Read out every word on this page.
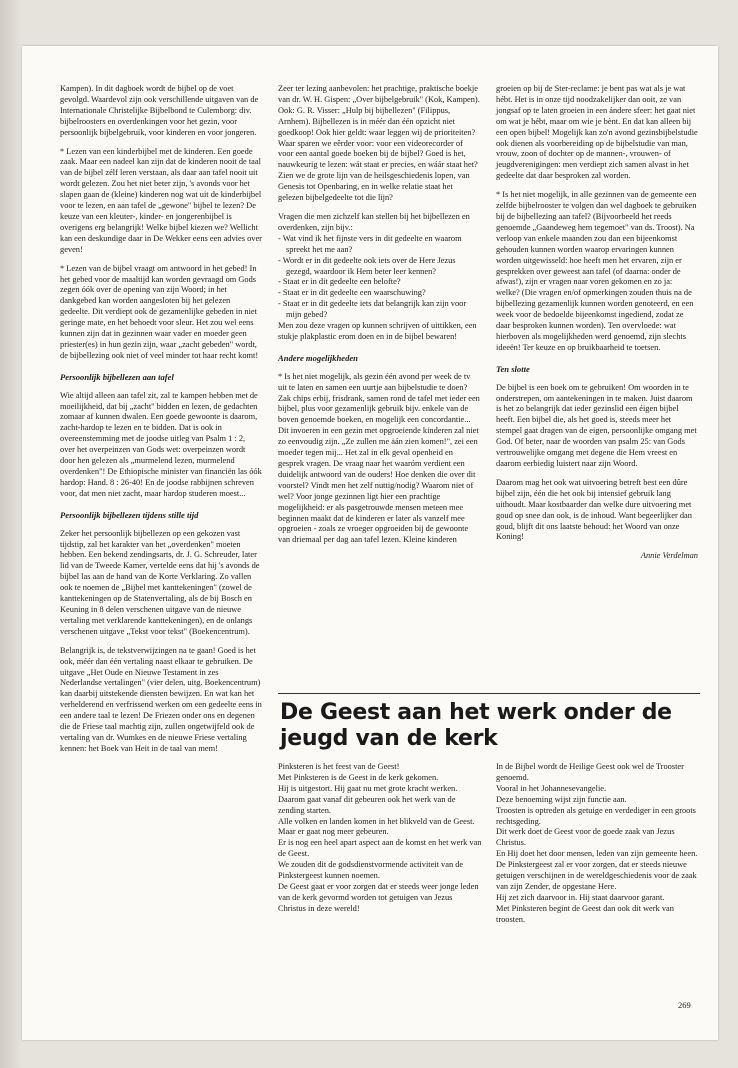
Kampen). In dit dagboek wordt de bijbel op de voet gevolgd. Waardevol zijn ook verschillende uitgaven van de Internationale Christelijke Bijbelbond te Culemborg: div. bijbelroosters en overdenkingen voor het gezin, voor persoonlijk bijbelgebruik, voor kinderen en voor jongeren.

* Lezen van een kinderbijbel met de kinderen. Een goede zaak. Maar een nadeel kan zijn dat de kinderen nooit de taal van de bijbel zélf leren verstaan, als daar aan tafel nooit uit wordt gelezen. Zou het niet beter zijn, 's avonds voor het slapen gaan de (kleine) kinderen nog wat uit de kinderbijbel voor te lezen, en aan tafel de „gewone" bijbel te lezen? De keuze van een kleuter-, kinder- en jongerenbijbel is overigens erg belangrijk! Welke bijbel kiezen we? Wellicht kan een deskundige daar in De Wekker eens een advies over geven!

* Lezen van de bijbel vraagt om antwoord in het gebed! In het gebed voor de maaltijd kan worden gevraagd om Gods zegen óók over de opening van zijn Woord; in het dankgebed kan worden aangesloten bij het gelezen gedeelte. Dit verdiept ook de gezamenlijke gebeden in niet geringe mate, en het behoedt voor sleur. Het zou wel eens kunnen zijn dat in gezinnen waar vader en moeder geen priester(es) in hun gezin zijn, waar „zacht gebeden" wordt, de bijbellezing ook niet of veel minder tot haar recht komt!

Persoonlijk bijbellezen aan tafel

Wie altijd alleen aan tafel zit, zal te kampen hebben met de moeilijkheid, dat bij „zacht" bidden en lezen, de gedachten zomaar af kunnen dwalen. Een goede gewoonte is daarom, zacht-hardop te lezen en te bidden. Dat is ook in overeenstemming met de joodse uitleg van Psalm 1 : 2, over het overpeinzen van Gods wet: overpeinzen wordt door hen gelezen als „murmelend lezen, murmelend overdenken"! De Ethiopische minister van financiën las óók hardop: Hand. 8 : 26-40! En de joodse rabbijnen schreven voor, dat men niet zacht, maar hardop studeren moest...

Persoonlijk bijbellezen tijdens stille tijd

Zeker het persoonlijk bijbellezen op een gekozen vast tijdstip, zal het karakter van het „overdenken" moeten hebben. Een bekend zendingsarts, dr. J. G. Schreuder, later lid van de Tweede Kamer, vertelde eens dat hij 's avonds de bijbel las aan de hand van de Korte Verklaring. Zo vallen ook te noemen de „Bijbel met kanttekeningen" (zowel de kanttekeningen op de Statenvertaling, als de bij Bosch en Keuning in 8 delen verschenen uitgave van de nieuwe vertaling met verklarende kanttekeningen), en de onlangs verschenen uitgave „Tekst voor tekst" (Boekencentrum).

Belangrijk is, de tekstverwijzingen na te gaan! Goed is het ook, méér dan één vertaling naast elkaar te gebruiken. De uitgave „Het Oude en Nieuwe Testament in zes Nederlandse vertalingen" (vier delen, uitg. Boekencentrum) kan daarbij uitstekende diensten bewijzen. En wat kan het verhelderend en verfrissend werken om een gedeelte eens in een andere taal te lezen! De Friezen onder ons en degenen die de Friese taal machtig zijn, zullen ongetwijfeld ook de vertaling van dr. Wumkes en de nieuwe Friese vertaling kennen: het Boek van Heit in de taal van mem!

Zeer ter lezing aanbevolen: het prachtige, praktische boekje van dr. W. H. Gispen: „Over bijbelgebruik" (Kok, Kampen). Ook: G. R. Visser: „Hulp bij bijbellezen" (Filippus, Arnhem). Bijbellezen is in méér dan één opzicht niet goedkoop! Ook hier geldt: waar leggen wij de prioriteiten? Waar sparen we eêrder voor: voor een videorecorder of voor een aantal goede boeken bij de bijbel? Goed is het, nauwkeurig te lezen: wát staat er precies, en wáár staat het? Zien we de grote lijn van de heilsgeschiedenis lopen, van Genesis tot Openbaring, en in welke relatie staat het gelezen bijbelgedeelte tot die lijn?

Vragen die men zichzelf kan stellen bij het bijbellezen en overdenken, zijn bijv.:

- Wat vind ik het fijnste vers in dit gedeelte en waarom spreekt het me aan?
- Wordt er in dit gedeelte ook iets over de Here Jezus gezegd, waardoor ik Hem beter leer kennen?
- Staat er in dit gedeelte een belofte?
- Staat er in dit gedeelte een waarschuwing?
- Staat er in dit gedeelte iets dat belangrijk kan zijn voor mijn gebed?

Men zou deze vragen op kunnen schrijven of uittikken, een stukje plakplastic erom doen en in de bijbel bewaren!

Andere mogelijkheden

* Is het niet mogelijk, als gezin één avond per week de tv uit te laten en samen een uurtje aan bijbelstudie te doen? Zak chips erbij, frisdrank, samen rond de tafel met ieder een bijbel, plus voor gezamenlijk gebruik bijv. enkele van de boven genoemde boeken, en mogelijk een concordantie... Dit invoeren in een gezin met opgroeiende kinderen zal niet zo eenvoudig zijn. „Ze zullen me ȧán zien komen!", zei een moeder tegen mij... Het zal in elk geval openheid en gesprek vragen. De vraag naar het waaróm verdient een duidelijk antwoord van de ouders! Hoe denken die over dit voorstel? Vindt men het zelf nuttig/nodig? Waarom niet of wel? Voor jonge gezinnen ligt hier een prachtige mogelijkheid: er als pasgetrouwde mensen meteen mee beginnen maakt dat de kinderen er later als vanzelf mee opgroeien - zoals ze vroeger opgroeiden bij de gewoonte van driemaal per dag aan tafel lezen. Kleine kinderen

groeien op bij de Ster-reclame: je bent pas wat als je wat hébt. Het is in onze tijd noodzakelijker dan ooit, ze van jongsaf op te laten groeien in een ándere sfeer: het gaat niet om wat je hébt, maar om wie je bènt. En dat kan alleen bij een open bijbel! Mogelijk kan zo'n avond gezinsbijbelstudie ook dienen als voorbereiding op de bijbelstudie van man, vrouw, zoon of dochter op de mannen-, vrouwen- of jeugdverenigingen: men verdiept zich samen alvast in het gedeelte dat daar besproken zal worden.

* Is het niet mogelijk, in alle gezinnen van de gemeente een zelfde bijbelrooster te volgen dan wel dagboek te gebruiken bij de bijbellezing aan tafel? (Bijvoorbeeld het reeds genoemde „Gaandeweg hem tegemoet" van ds. Troost). Na verloop van enkele maanden zou dan een bijeenkomst gehouden kunnen worden waarop ervaringen kunnen worden uitgewisseld: hoe heeft men het ervaren, zijn er gesprekken over geweest aan tafel (of daarna: onder de afwas!), zijn er vragen naar voren gekomen en zo ja: welke? (Die vragen en/of opmerkingen zouden thuis na de bijbellezing gezamenlijk kunnen worden genoteerd, en een week voor de bedoelde bijeenkomst ingediend, zodat ze daar besproken kunnen worden). Ten overvloede: wat hierboven als mogelijkheden werd genoemd, zijn slechts ideeën! Ter keuze en op bruikbaarheid te toetsen.

Ten slotte

De bijbel is een boek om te gebruiken! Om woorden in te onderstrepen, om aantekeningen in te maken. Juist daarom is het zo belangrijk dat ieder gezinslid een éigen bijbel heeft. Een bijbel die, als het goed is, steeds meer het stempel gaat dragen van de eigen, persoonlijke omgang met God. Of beter, naar de woorden van psalm 25: van Gods vertrouwelijke omgang met degene die Hem vreest en daarom eerbiedig luistert naar zijn Woord.

Daarom mag het ook wat uitvoering betreft best een dûre bijbel zijn, één die het ook bij intensief gebruik lang uithoudt. Maar kostbaarder dan welke dure uitvoering met goud op snee dan ook, is de inhoud. Want begeerlijker dan goud, blijft dit ons laatste behoud: het Woord van onze Koning!

Annie Verdelman
De Geest aan het werk onder de jeugd van de kerk
Pinksteren is het feest van de Geest!
Met Pinksteren is de Geest in de kerk gekomen.
Hij is uitgestort. Hij gaat nu met grote kracht werken.
Daarom gaat vanaf dit gebeuren ook het werk van de zending starten.
Alle volken en landen komen in het blikveld van de Geest.
Maar er gaat nog meer gebeuren.
Er is nog een heel apart aspect aan de komst en het werk van de Geest.
We zouden dit de godsdienstvormende activiteit van de Pinkstergeest kunnen noemen.
De Geest gaat er voor zorgen dat er steeds weer jonge leden van de kerk gevormd worden tot getuigen van Jezus Christus in deze wereld!
In de Bijbel wordt de Heilige Geest ook wel de Trooster genoemd.
Vooral in het Johannesevangelie.
Deze benoeming wijst zijn functie aan.
Troosten is optreden als getuige en verdediger in een groots rechtsgeding.
Dit werk doet de Geest voor de goede zaak van Jezus Christus.
En Hij doet het door mensen, leden van zijn gemeente heen.
De Pinkstergeest zal er voor zorgen, dat er steeds nieuwe getuigen verschijnen in de wereldgeschiedenis voor de zaak van zijn Zender, de opgestane Here.
Hij zet zich daarvoor in. Hij staat daarvoor garant.
Met Pinksteren begint de Geest dan ook dit werk van troosten.
269
